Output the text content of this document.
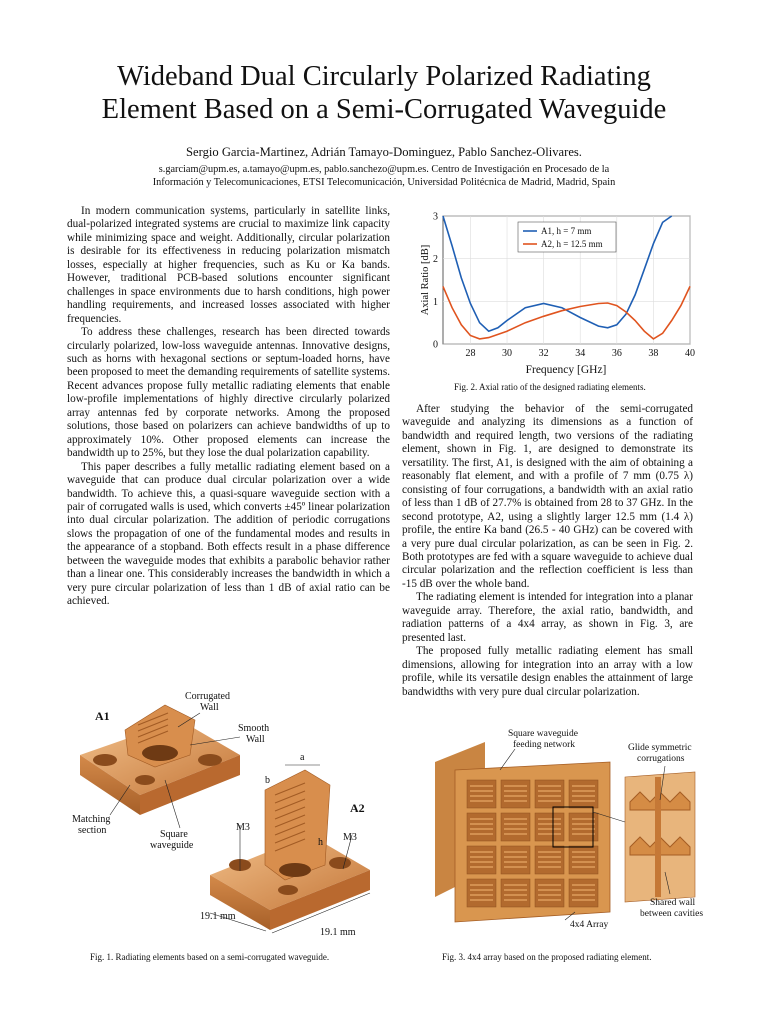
Wideband Dual Circularly Polarized Radiating
Element Based on a Semi-Corrugated Waveguide
Sergio Garcia-Martinez, Adrián Tamayo-Dominguez, Pablo Sanchez-Olivares.
s.garciam@upm.es, a.tamayo@upm.es, pablo.sanchezo@upm.es. Centro de Investigación en Procesado de la
Información y Telecomunicaciones, ETSI Telecomunicación, Universidad Politécnica de Madrid, Madrid, Spain

In modern communication systems, particularly in satellite links, dual-polarized integrated systems are crucial to maximize link capacity while minimizing space and weight. Additionally, circular polarization is desirable for its effectiveness in reducing polarization mismatch losses, especially at higher frequencies, such as Ku or Ka bands. However, traditional PCB-based solutions encounter significant challenges in space environments due to harsh conditions, high power handling requirements, and increased losses associated with higher frequencies.

To address these challenges, research has been directed towards circularly polarized, low-loss waveguide antennas. Innovative designs, such as horns with hexagonal sections or septum-loaded horns, have been proposed to meet the demanding requirements of satellite systems. Recent advances propose fully metallic radiating elements that enable low-profile implementations of highly directive circularly polarized array antennas fed by corporate networks. Among the proposed solutions, those based on polarizers can achieve bandwidths of up to approximately 10%. Other proposed elements can increase the bandwidth up to 25%, but they lose the dual polarization capability.

This paper describes a fully metallic radiating element based on a waveguide that can produce dual circular polarization over a wide bandwidth. To achieve this, a quasi-square waveguide section with a pair of corrugated walls is used, which converts ±45º linear polarization into dual circular polarization. The addition of periodic corrugations slows the propagation of one of the fundamental modes and results in the appearance of a stopband. Both effects result in a phase difference between the waveguide modes that exhibits a parabolic behavior rather than a linear one. This considerably increases the bandwidth in which a very pure circular polarization of less than 1 dB of axial ratio can be achieved.

28	30	32	34	36	38	40
0
1
2
3
Frequency [GHz]
Axial Ratio [dB]
A1, h = 7 mm
A2, h = 12.5 mm
Fig. 2. Axial ratio of the designed radiating elements.

After studying the behavior of the semi-corrugated waveguide and analyzing its dimensions as a function of bandwidth and required length, two versions of the radiating element, shown in Fig. 1, are designed to demonstrate its versatility. The first, A1, is designed with the aim of obtaining a reasonably flat element, and with a profile of 7 mm (0.75 λ) consisting of four corrugations, a bandwidth with an axial ratio of less than 1 dB of 27.7% is obtained from 28 to 37 GHz. In the second prototype, A2, using a slightly larger 12.5 mm (1.4 λ) profile, the entire Ka band (26.5 - 40 GHz) can be covered with a very pure dual circular polarization, as can be seen in Fig. 2. Both prototypes are fed with a square waveguide to achieve dual circular polarization and the reflection coefficient is less than -15 dB over the whole band.

The radiating element is intended for integration into a planar waveguide array. Therefore, the axial ratio, bandwidth, and radiation patterns of a 4x4 array, as shown in Fig. 3, are presented last.

The proposed fully metallic radiating element has small dimensions, allowing for integration into an array with a low profile, while its versatile design enables the attainment of large bandwidths with very pure dual circular polarization.

A1
A2
Corrugated
Wall
Smooth
Wall
Matching
section	Square
waveguide
M3
M3
a
b
h
19.1 mm
19.1 mm
Fig. 1. Radiating elements based on a semi-corrugated waveguide.
Square waveguide
feeding network	Glide symmetric
corrugations
Shared wall
between cavities
4x4 Array
Fig. 3. 4x4 array based on the proposed radiating element.
